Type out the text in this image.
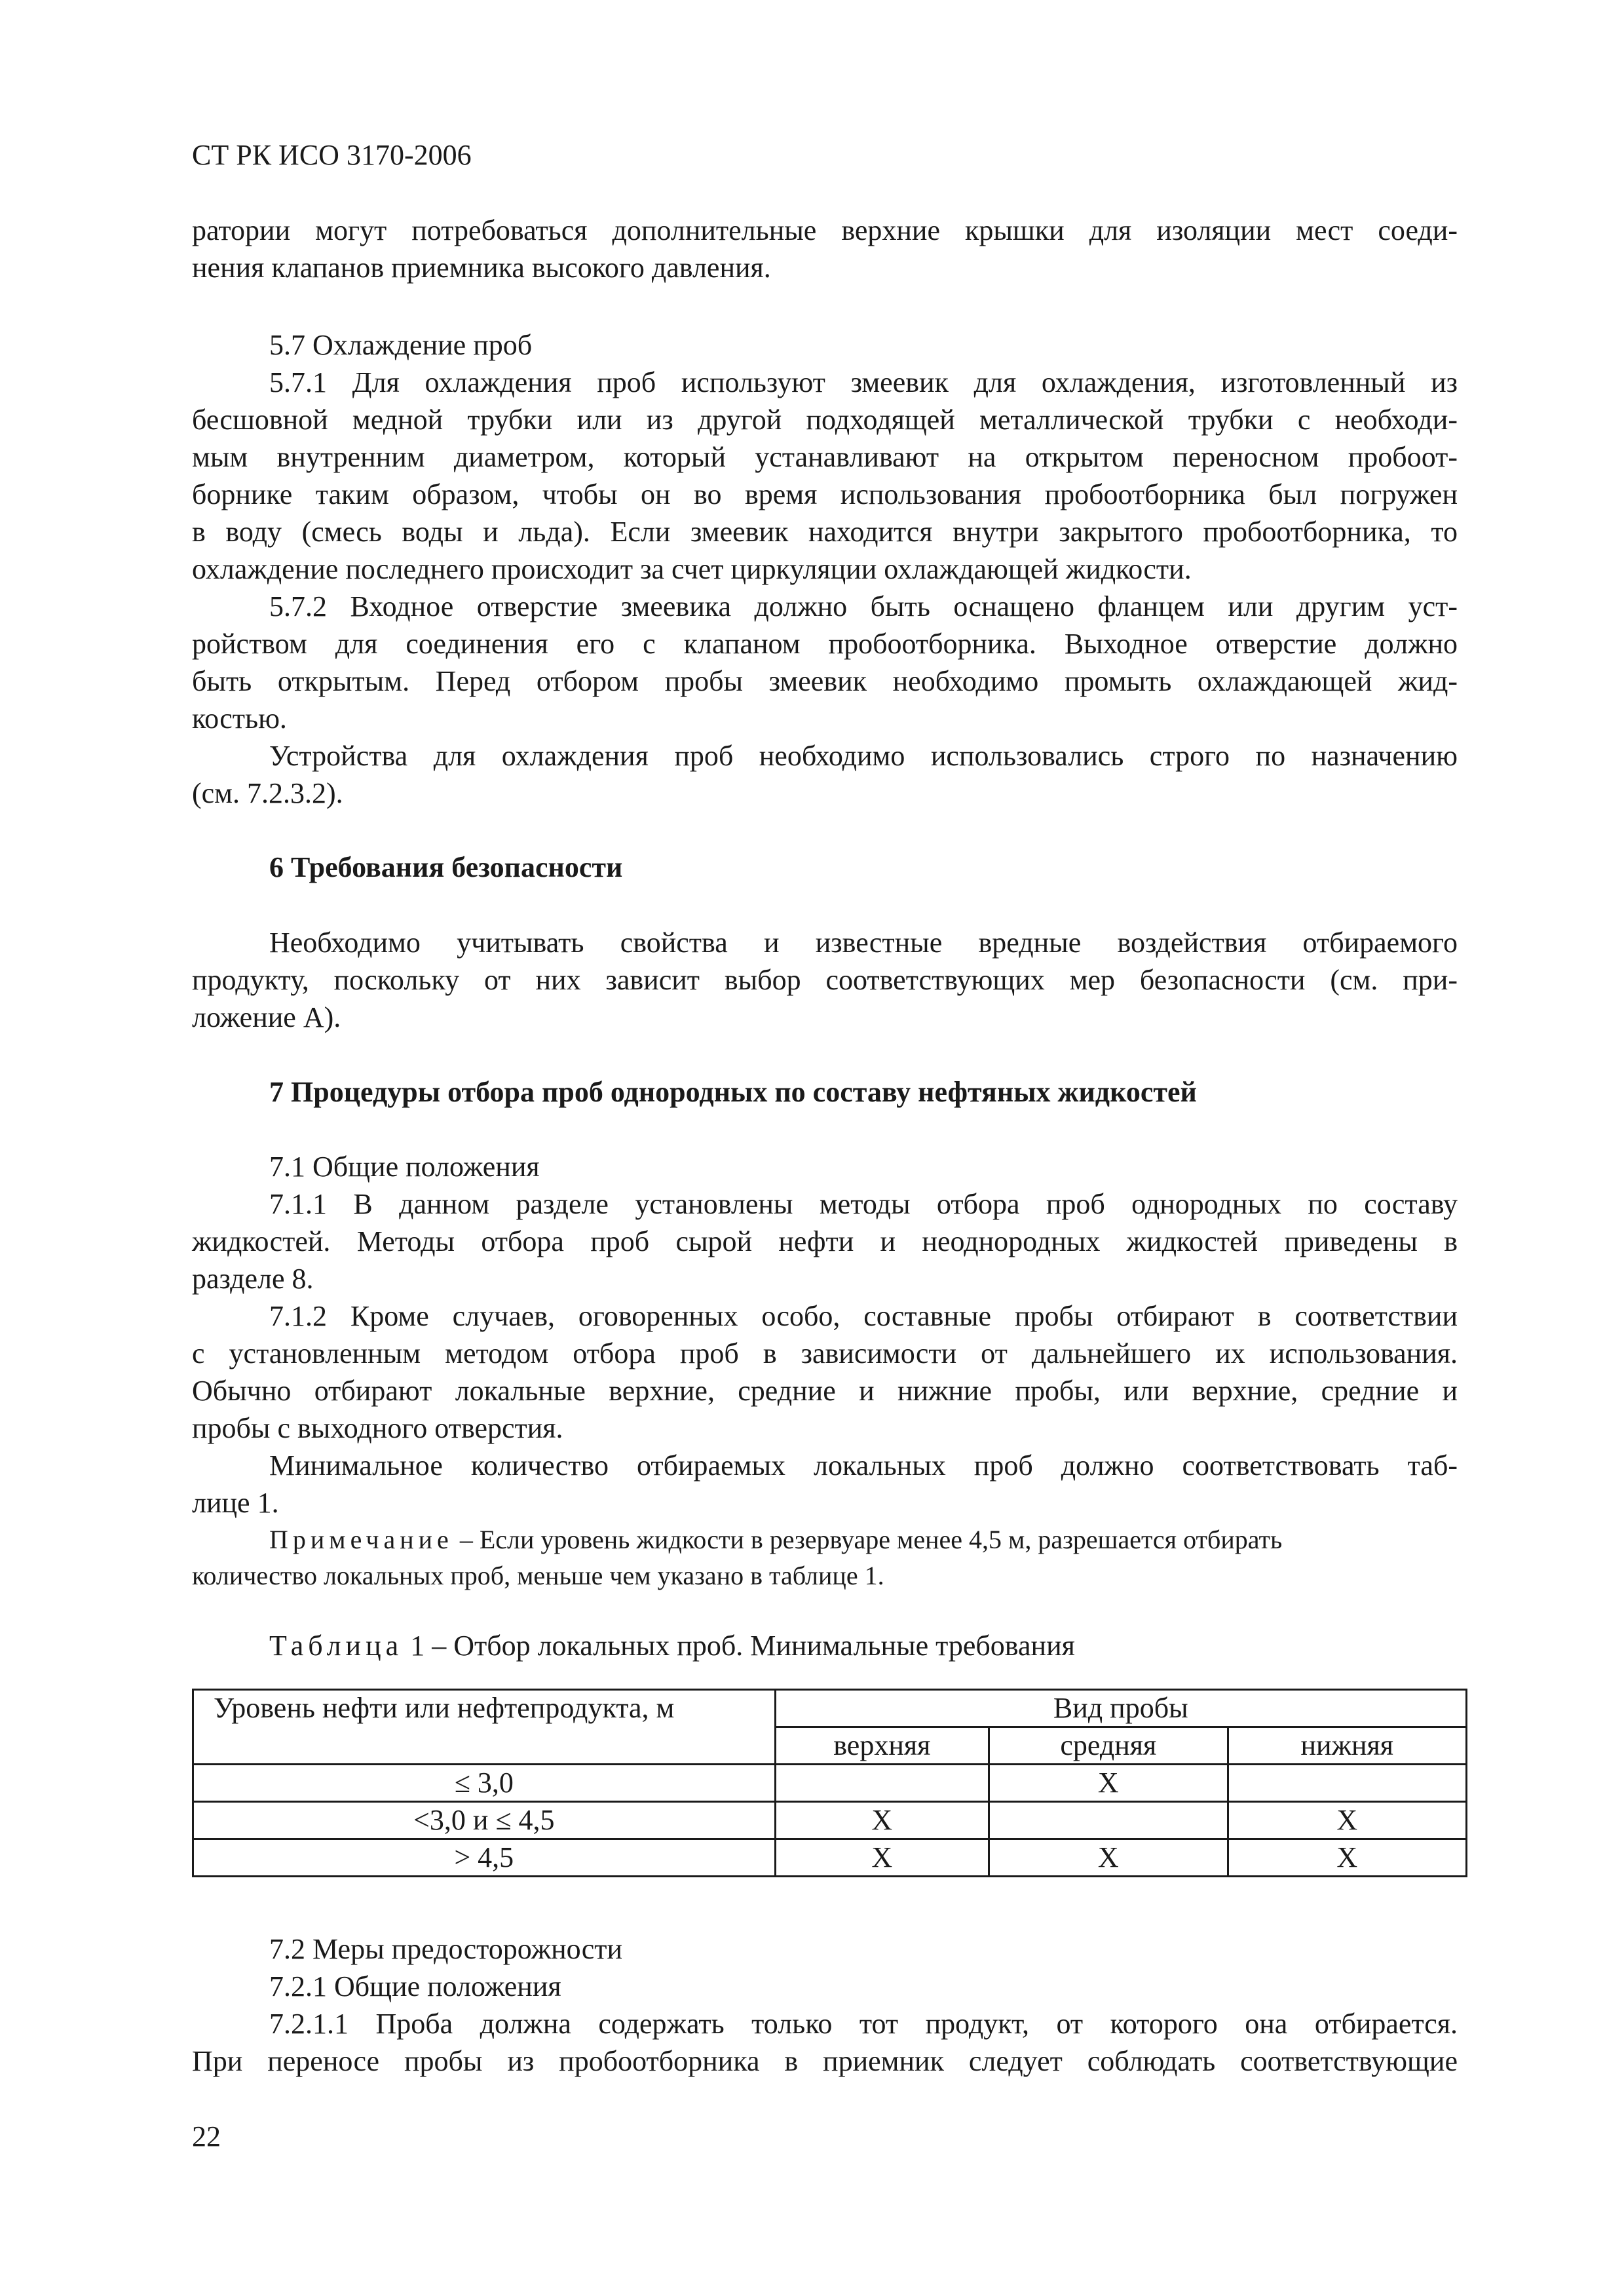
СТ РК ИСО 3170-2006
ратории могут потребоваться дополнительные верхние крышки для изоляции мест соеди-
нения клапанов приемника высокого давления.
5.7 Охлаждение проб
5.7.1 Для охлаждения проб используют змеевик для охлаждения, изготовленный из
бесшовной медной трубки или из другой подходящей металлической трубки с необходи-
мым внутренним диаметром, который устанавливают на открытом переносном пробоот-
борнике таким образом, чтобы он во время использования пробоотборника был погружен
в воду (смесь воды и льда). Если змеевик находится внутри закрытого пробоотборника, то
охлаждение последнего происходит за счет циркуляции охлаждающей жидкости.
5.7.2 Входное отверстие змеевика должно быть оснащено фланцем или другим уст-
ройством для соединения его с клапаном пробоотборника. Выходное отверстие должно
быть открытым. Перед отбором пробы змеевик необходимо промыть охлаждающей жид-
костью.
Устройства для охлаждения проб необходимо использовались строго по назначению
(см. 7.2.3.2).
6 Требования безопасности
Необходимо учитывать свойства и известные вредные воздействия отбираемого
продукту, поскольку от них зависит выбор соответствующих мер безопасности (см. при-
ложение А).
7 Процедуры отбора проб однородных по составу нефтяных жидкостей
7.1 Общие положения
7.1.1 В данном разделе установлены методы отбора проб однородных по составу
жидкостей. Методы отбора проб сырой нефти и неоднородных жидкостей приведены в
разделе 8.
7.1.2 Кроме случаев, оговоренных особо, составные пробы отбирают в соответствии
с установленным методом отбора проб в зависимости от дальнейшего их использования.
Обычно отбирают локальные верхние, средние и нижние пробы, или верхние, средние и
пробы с выходного отверстия.
Минимальное количество отбираемых локальных проб должно соответствовать таб-
лице 1.
Примечание – Если уровень жидкости в резервуаре менее 4,5 м, разрешается отбирать
количество локальных проб, меньше чем указано в таблице 1.
Таблица 1 – Отбор локальных проб. Минимальные требования
Уровень нефти или нефтепродукта, м	Вид пробы		
	верхняя	средняя	нижняя
≤ 3,0		X	
<3,0 и ≤ 4,5	X		X
> 4,5	X	X	X
7.2 Меры предосторожности
7.2.1 Общие положения
7.2.1.1 Проба должна содержать только тот продукт, от которого она отбирается.
При переносе пробы из пробоотборника в приемник следует соблюдать соответствующие
22
